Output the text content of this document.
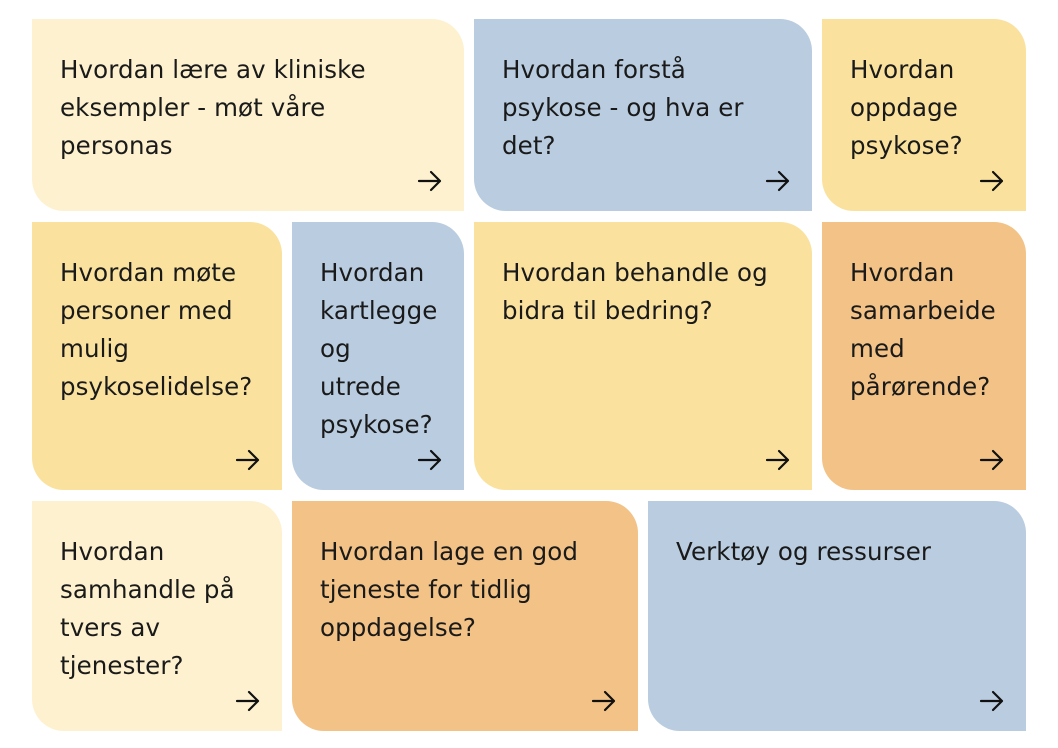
Hvordan lære av kliniske eksempler - møt våre personas
Hvordan forstå psykose - og hva er det?
Hvordan oppdage psykose?
Hvordan møte personer med mulig psykoselidelse?
Hvordan kartlegge og utrede psykose?
Hvordan behandle og bidra til bedring?
Hvordan samarbeide med pårørende?
Hvordan samhandle på tvers av tjenester?
Hvordan lage en god tjeneste for tidlig oppdagelse?
Verktøy og ressurser
